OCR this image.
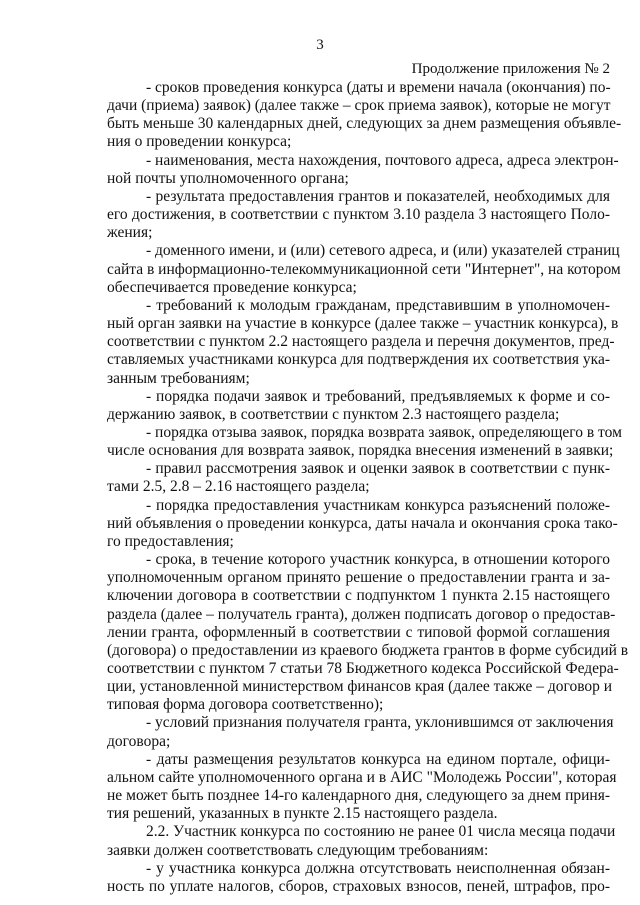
3
Продолжение приложения № 2
- сроков проведения конкурса (даты и времени начала (окончания) по-
дачи (приема) заявок) (далее также – срок приема заявок), которые не могут
быть меньше 30 календарных дней, следующих за днем размещения объявле-
ния о проведении конкурса;
- наименования, места нахождения, почтового адреса, адреса электрон-
ной почты уполномоченного органа;
- результата предоставления грантов и показателей, необходимых для
его достижения, в соответствии с пунктом 3.10 раздела 3 настоящего Поло-
жения;
- доменного имени, и (или) сетевого адреса, и (или) указателей страниц
сайта в информационно-телекоммуникационной сети "Интернет", на котором
обеспечивается проведение конкурса;
- требований к молодым гражданам, представившим в уполномочен-
ный орган заявки на участие в конкурсе (далее также – участник конкурса), в
соответствии с пунктом 2.2 настоящего раздела и перечня документов, пред-
ставляемых участниками конкурса для подтверждения их соответствия ука-
занным требованиям;
- порядка подачи заявок и требований, предъявляемых к форме и со-
держанию заявок, в соответствии с пунктом 2.3 настоящего раздела;
- порядка отзыва заявок, порядка возврата заявок, определяющего в том
числе основания для возврата заявок, порядка внесения изменений в заявки;
- правил рассмотрения заявок и оценки заявок в соответствии с пунк-
тами 2.5, 2.8 – 2.16 настоящего раздела;
- порядка предоставления участникам конкурса разъяснений положе-
ний объявления о проведении конкурса, даты начала и окончания срока тако-
го предоставления;
- срока, в течение которого участник конкурса, в отношении которого
уполномоченным органом принято решение о предоставлении гранта и за-
ключении договора в соответствии с подпунктом 1 пункта 2.15 настоящего
раздела (далее – получатель гранта), должен подписать договор о предостав-
лении гранта, оформленный в соответствии с типовой формой соглашения
(договора) о предоставлении из краевого бюджета грантов в форме субсидий в
соответствии с пунктом 7 статьи 78 Бюджетного кодекса Российской Федера-
ции, установленной министерством финансов края (далее также – договор и
типовая форма договора соответственно);
- условий признания получателя гранта, уклонившимся от заключения
договора;
- даты размещения результатов конкурса на едином портале, офици-
альном сайте уполномоченного органа и в АИС "Молодежь России", которая
не может быть позднее 14-го календарного дня, следующего за днем приня-
тия решений, указанных в пункте 2.15 настоящего раздела.
2.2. Участник конкурса по состоянию не ранее 01 числа месяца подачи
заявки должен соответствовать следующим требованиям:
- у участника конкурса должна отсутствовать неисполненная обязан-
ность по уплате налогов, сборов, страховых взносов, пеней, штрафов, про-
